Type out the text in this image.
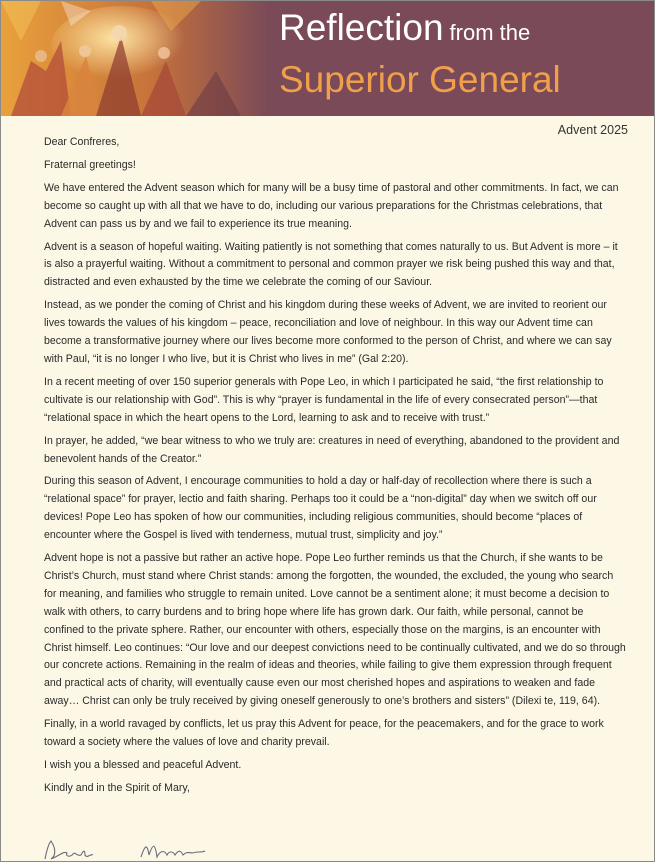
Reflection from the
Superior General
Advent 2025

Dear Confreres,

Fraternal greetings!

We have entered the Advent season which for many will be a busy time of pastoral and other commitments. In fact, we can become so caught up with all that we have to do, including our various preparations for the Christmas celebrations, that Advent can pass us by and we fail to experience its true meaning.

Advent is a season of hopeful waiting. Waiting patiently is not something that comes naturally to us. But Advent is more – it is also a prayerful waiting. Without a commitment to personal and common prayer we risk being pushed this way and that, distracted and even exhausted by the time we celebrate the coming of our Saviour.

Instead, as we ponder the coming of Christ and his kingdom during these weeks of Advent, we are invited to reorient our lives towards the values of his kingdom – peace, reconciliation and love of neighbour. In this way our Advent time can become a transformative journey where our lives become more conformed to the person of Christ, and where we can say with Paul, “it is no longer I who live, but it is Christ who lives in me” (Gal 2:20).

In a recent meeting of over 150 superior generals with Pope Leo, in which I participated he said, “the first relationship to cultivate is our relationship with God”. This is why “prayer is fundamental in the life of every consecrated person”—that “relational space in which the heart opens to the Lord, learning to ask and to receive with trust.”

In prayer, he added, “we bear witness to who we truly are: creatures in need of everything, abandoned to the provident and benevolent hands of the Creator.”

During this season of Advent, I encourage communities to hold a day or half-day of recollection where there is such a “relational space” for prayer, lectio and faith sharing. Perhaps too it could be a “non-digital” day when we switch off our devices! Pope Leo has spoken of how our communities, including religious communities, should become “places of encounter where the Gospel is lived with tenderness, mutual trust, simplicity and joy.”

Advent hope is not a passive but rather an active hope. Pope Leo further reminds us that the Church, if she wants to be Christ’s Church, must stand where Christ stands: among the forgotten, the wounded, the excluded, the young who search for meaning, and families who struggle to remain united. Love cannot be a sentiment alone; it must become a decision to walk with others, to carry burdens and to bring hope where life has grown dark. Our faith, while personal, cannot be confined to the private sphere. Rather, our encounter with others, especially those on the margins, is an encounter with Christ himself. Leo continues: “Our love and our deepest convictions need to be continually cultivated, and we do so through our concrete actions. Remaining in the realm of ideas and theories, while failing to give them expression through frequent and practical acts of charity, will eventually cause even our most cherished hopes and aspirations to weaken and fade away… Christ can only be truly received by giving oneself generously to one’s brothers and sisters” (Dilexi te, 119, 64).

Finally, in a world ravaged by conflicts, let us pray this Advent for peace, for the peacemakers, and for the grace to work toward a society where the values of love and charity prevail.

I wish you a blessed and peaceful Advent.

Kindly and in the Spirit of Mary,
